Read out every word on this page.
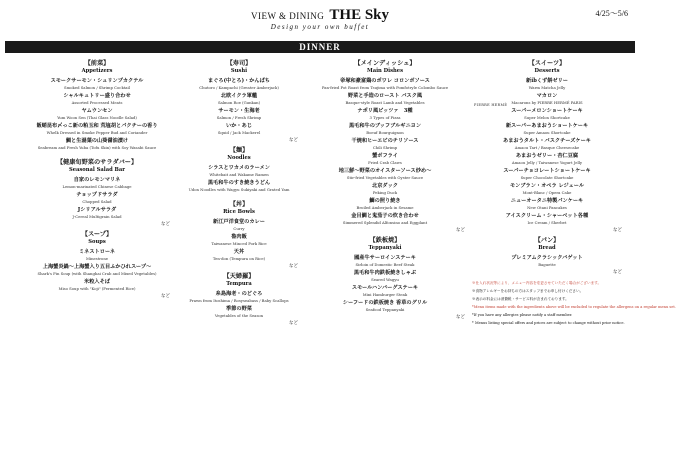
VIEW & DINING THE Sky
Design your own buffet
4/25～5/6
DINNER
【前菜】
Appetizers
スモークサーモン・シュリンプカクテル
Smoked Salmon / Shrimp Cocktail
シャルキュトリー盛り合わせ
Assorted Processed Meats
ヤムウンセン
Yum Woon Sen (Thai Glass Noodle Salad)
飯蛸昆布〆っこ新の粕玉和 荒塩胡とパクチーの香り
Whelk Dressed in Smoke Pepper Bud and Coriander
鯛と生湯葉の山葵醤油漬け
Seabream and Fresh Yuba (Tofu Skin) with Soy Wasabi Sauce
【健康旬野菜のサラダバー】
Seasonal Salad Bar
自家のレモンマリネ
Lemon-marinated Chinese Cabbage
チョップドサラダ
Chopped Salad
Jシリアルサラダ
J-Cereal Multigrain Salad
など
【スープ】
Soups
ミネストローネ
Minestrone
上海蟹炎鍋～上海蟹入り五目ふかひれスープ～
Shark's Fin Soup (with Shanghai Crab and Mixed Vegetables)
米粒入そば
Miso Soup with "Koji" (Fermented Rice)
など
【寿司】
Sushi
まぐろ(中とろ)・かんぱち
Chutoro / Kampachi (Greater Amberjack)
北欧イクラ軍艦
Salmon Roe (Gunkan)
サーモン・生海老
Salmon / Fresh Shrimp
いか・あじ
Squid / Jack Mackerel
など
【麺】
Noodles
シラスとワカメのラーメン
Whitebait and Wakame Ramen
黒毛和牛のすき焼きうどん
Udon Noodles with Wagyu Sukiyaki and Grated Yam
【丼】
Rice Bowls
新江戸洋食堂のカレー
Curry
魯肉飯
Taiwanese Minced Pork Rice
天丼
Ten-don (Tempura on Rice)
など
【天婦羅】
Tempura
糸島海老・のどぐろ
Prawn from Itoshima / Rosyseabass / Baby Scallops
季節の野菜
Vegetables of the Season
など
【メインディッシュ】
Main Dishes
帝塚和豪富鶏のポワレ コロンボソース
Pan-fried Pot Roast from Tsujima with Pomfotryle Colombo Sauce
野菜と手造のロースト バスク風
Basque-style Roast Lamb and Vegetables
ナポリ風ピッツァ　3種
3 Types of Pizza
黒毛和牛のブッフブルギニヨン
Boeuf Bourguignon
干焼和ヒーエビのチリソース
Chili Shrimp
蟹ボフライ
Fried Crab Claws
地三鮮～野菜のオイスターソース炒め～
Stir-fried Vegetables with Oyster Sauce
北京ダック
Peking Duck
鰤の照り焼き
Broiled Amberjack in Sesame
金目鯛と鬼茄子の炊き合わせ
Simmered Splendid Alfonsino and Eggplant
など
【鉄板焼】
Teppanyaki
國産牛サーロインステーキ
Sirloin of Domestic Beef Steak
黒毛和牛肉鉄板焼きしゃぶ
Seared Wagyu
スモールハンバーグステーキ
Mini Hamburger Steak
シーフードの鉄板焼き 香草のグリル
Seafood Teppanyaki
など
【スイーツ】
Desserts
新ibくず餅ゼリー
Warm Matcha Jelly
マカロン
Macarons by PIERRE HERMÉ PARIS
スーパーメロンショートケーキ
Super Melon Shortcake
新スーパーあまおうショートケーキ
Super Amaou Shortcake
あまおうタルト・バスクチーズケーキ
Amaou Tart / Basque Cheesecake
あまおうゼリー・杏仁豆腐
Amaou Jelly / Taiwanese Yogurt Jelly
スーパーチョコレートショートケーキ
Super Chocolate Shortcake
モンブラン・オペラ レジェール
Mont-Blanc / Opera Cake
ニューオータニ特製パンケーキ
New Otani Pancakes
アイスクリーム・シャーベット各種
Ice Cream / Sherbet
など
【パン】
Bread
プレミアムクラシックバゲット
Baguette
など
※仕入れ状況等により、メニュー内容を変更させていただく場合がございます。
※食物アレルギーをお持ちの方はスタッフまでお申し付けください。
※表示の料金には消費税・サービス料が含まれております。
*Menu items made with the ingredients above will be excluded to regulate the allergens on a regular menu set.
*If you have any allergies please notify a staff member.
* Menus listing special offers and prices are subject to change without prior notice.
PIERRE HERMÉ
